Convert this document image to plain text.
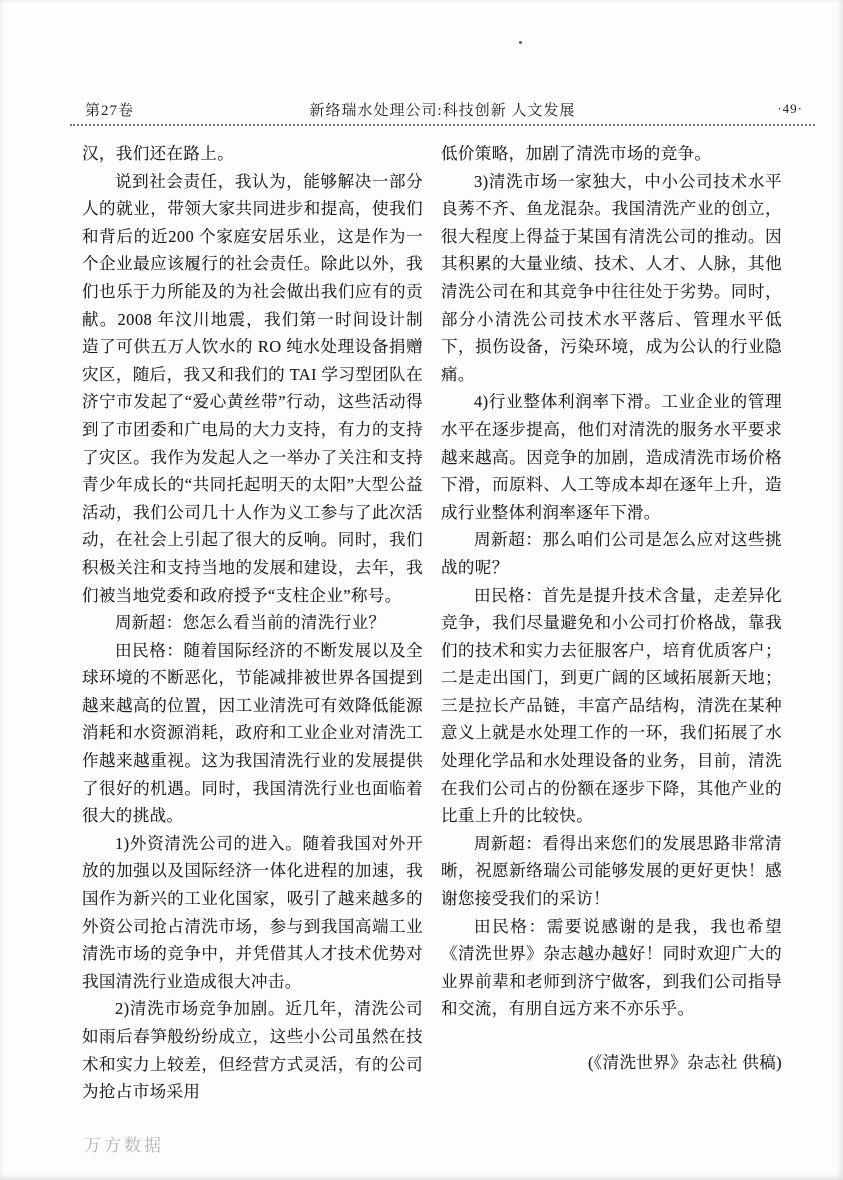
第27卷	新络瑞水处理公司:科技创新 人文发展	·49·

汉，我们还在路上。

说到社会责任，我认为，能够解决一部分人的就业，带领大家共同进步和提高，使我们和背后的近200 个家庭安居乐业，这是作为一个企业最应该履行的社会责任。除此以外，我们也乐于力所能及的为社会做出我们应有的贡献。2008 年汶川地震，我们第一时间设计制造了可供五万人饮水的 RO 纯水处理设备捐赠灾区，随后，我又和我们的 TAI 学习型团队在济宁市发起了“爱心黄丝带”行动，这些活动得到了市团委和广电局的大力支持，有力的支持了灾区。我作为发起人之一举办了关注和支持青少年成长的“共同托起明天的太阳”大型公益活动，我们公司几十人作为义工参与了此次活动，在社会上引起了很大的反响。同时，我们积极关注和支持当地的发展和建设，去年，我们被当地党委和政府授予“支柱企业”称号。

周新超：您怎么看当前的清洗行业？

田民格：随着国际经济的不断发展以及全球环境的不断恶化，节能减排被世界各国提到越来越高的位置，因工业清洗可有效降低能源消耗和水资源消耗，政府和工业企业对清洗工作越来越重视。这为我国清洗行业的发展提供了很好的机遇。同时，我国清洗行业也面临着很大的挑战。

1)外资清洗公司的进入。随着我国对外开放的加强以及国际经济一体化进程的加速，我国作为新兴的工业化国家，吸引了越来越多的外资公司抢占清洗市场，参与到我国高端工业清洗市场的竞争中，并凭借其人才技术优势对我国清洗行业造成很大冲击。

2)清洗市场竞争加剧。近几年，清洗公司如雨后春笋般纷纷成立，这些小公司虽然在技术和实力上较差，但经营方式灵活，有的公司为抢占市场采用

低价策略，加剧了清洗市场的竞争。

3)清洗市场一家独大，中小公司技术水平良莠不齐、鱼龙混杂。我国清洗产业的创立，很大程度上得益于某国有清洗公司的推动。因其积累的大量业绩、技术、人才、人脉，其他清洗公司在和其竞争中往往处于劣势。同时，部分小清洗公司技术水平落后、管理水平低下，损伤设备，污染环境，成为公认的行业隐痛。

4)行业整体利润率下滑。工业企业的管理水平在逐步提高，他们对清洗的服务水平要求越来越高。因竞争的加剧，造成清洗市场价格下滑，而原料、人工等成本却在逐年上升，造成行业整体利润率逐年下滑。

周新超：那么咱们公司是怎么应对这些挑战的呢？

田民格：首先是提升技术含量，走差异化竞争，我们尽量避免和小公司打价格战，靠我们的技术和实力去征服客户，培育优质客户；二是走出国门，到更广阔的区域拓展新天地；三是拉长产品链，丰富产品结构，清洗在某种意义上就是水处理工作的一环，我们拓展了水处理化学品和水处理设备的业务，目前，清洗在我们公司占的份额在逐步下降，其他产业的比重上升的比较快。

周新超：看得出来您们的发展思路非常清晰，祝愿新络瑞公司能够发展的更好更快！感谢您接受我们的采访！

田民格：需要说感谢的是我，我也希望《清洗世界》杂志越办越好！同时欢迎广大的业界前辈和老师到济宁做客，到我们公司指导和交流，有朋自远方来不亦乐乎。

(《清洗世界》杂志社 供稿)

万方数据
